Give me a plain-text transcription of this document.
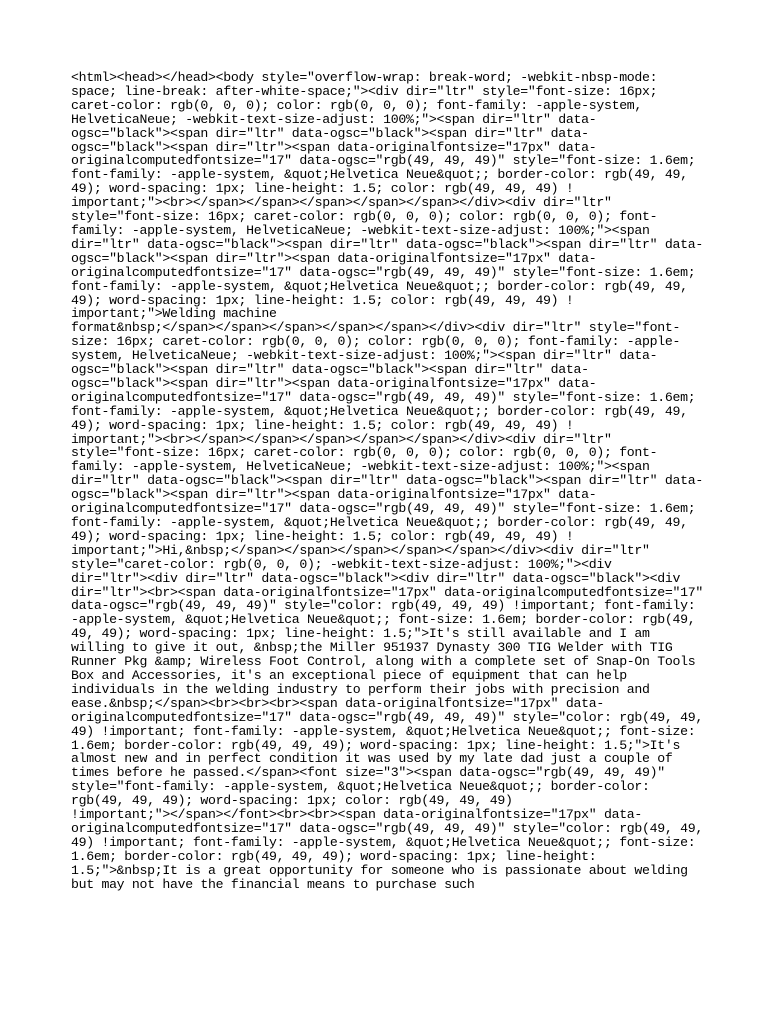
<html><head></head><body style="overflow-wrap: break-word; -webkit-nbsp-mode:
space; line-break: after-white-space;"><div dir="ltr" style="font-size: 16px;
caret-color: rgb(0, 0, 0); color: rgb(0, 0, 0); font-family: -apple-system,
HelveticaNeue; -webkit-text-size-adjust: 100%;"><span dir="ltr" data-
ogsc="black"><span dir="ltr" data-ogsc="black"><span dir="ltr" data-
ogsc="black"><span dir="ltr"><span data-originalfontsize="17px" data-
originalcomputedfontsize="17" data-ogsc="rgb(49, 49, 49)" style="font-size: 1.6em;
font-family: -apple-system, &quot;Helvetica Neue&quot;; border-color: rgb(49, 49,
49); word-spacing: 1px; line-height: 1.5; color: rgb(49, 49, 49) !
important;"><br></span></span></span></span></span></div><div dir="ltr"
style="font-size: 16px; caret-color: rgb(0, 0, 0); color: rgb(0, 0, 0); font-
family: -apple-system, HelveticaNeue; -webkit-text-size-adjust: 100%;"><span
dir="ltr" data-ogsc="black"><span dir="ltr" data-ogsc="black"><span dir="ltr" data-
ogsc="black"><span dir="ltr"><span data-originalfontsize="17px" data-
originalcomputedfontsize="17" data-ogsc="rgb(49, 49, 49)" style="font-size: 1.6em;
font-family: -apple-system, &quot;Helvetica Neue&quot;; border-color: rgb(49, 49,
49); word-spacing: 1px; line-height: 1.5; color: rgb(49, 49, 49) !
important;">Welding machine
format&nbsp;</span></span></span></span></span></div><div dir="ltr" style="font-
size: 16px; caret-color: rgb(0, 0, 0); color: rgb(0, 0, 0); font-family: -apple-
system, HelveticaNeue; -webkit-text-size-adjust: 100%;"><span dir="ltr" data-
ogsc="black"><span dir="ltr" data-ogsc="black"><span dir="ltr" data-
ogsc="black"><span dir="ltr"><span data-originalfontsize="17px" data-
originalcomputedfontsize="17" data-ogsc="rgb(49, 49, 49)" style="font-size: 1.6em;
font-family: -apple-system, &quot;Helvetica Neue&quot;; border-color: rgb(49, 49,
49); word-spacing: 1px; line-height: 1.5; color: rgb(49, 49, 49) !
important;"><br></span></span></span></span></span></div><div dir="ltr"
style="font-size: 16px; caret-color: rgb(0, 0, 0); color: rgb(0, 0, 0); font-
family: -apple-system, HelveticaNeue; -webkit-text-size-adjust: 100%;"><span
dir="ltr" data-ogsc="black"><span dir="ltr" data-ogsc="black"><span dir="ltr" data-
ogsc="black"><span dir="ltr"><span data-originalfontsize="17px" data-
originalcomputedfontsize="17" data-ogsc="rgb(49, 49, 49)" style="font-size: 1.6em;
font-family: -apple-system, &quot;Helvetica Neue&quot;; border-color: rgb(49, 49,
49); word-spacing: 1px; line-height: 1.5; color: rgb(49, 49, 49) !
important;">Hi,&nbsp;</span></span></span></span></span></div><div dir="ltr"
style="caret-color: rgb(0, 0, 0); -webkit-text-size-adjust: 100%;"><div
dir="ltr"><div dir="ltr" data-ogsc="black"><div dir="ltr" data-ogsc="black"><div
dir="ltr"><br><span data-originalfontsize="17px" data-originalcomputedfontsize="17"
data-ogsc="rgb(49, 49, 49)" style="color: rgb(49, 49, 49) !important; font-family:
-apple-system, &quot;Helvetica Neue&quot;; font-size: 1.6em; border-color: rgb(49,
49, 49); word-spacing: 1px; line-height: 1.5;">It's still available and I am
willing to give it out, &nbsp;the Miller 951937 Dynasty 300 TIG Welder with TIG
Runner Pkg &amp; Wireless Foot Control, along with a complete set of Snap-On Tools
Box and Accessories, it's an exceptional piece of equipment that can help
individuals in the welding industry to perform their jobs with precision and
ease.&nbsp;</span><br><br><br><span data-originalfontsize="17px" data-
originalcomputedfontsize="17" data-ogsc="rgb(49, 49, 49)" style="color: rgb(49, 49,
49) !important; font-family: -apple-system, &quot;Helvetica Neue&quot;; font-size:
1.6em; border-color: rgb(49, 49, 49); word-spacing: 1px; line-height: 1.5;">It's
almost new and in perfect condition it was used by my late dad just a couple of
times before he passed.</span><font size="3"><span data-ogsc="rgb(49, 49, 49)"
style="font-family: -apple-system, &quot;Helvetica Neue&quot;; border-color:
rgb(49, 49, 49); word-spacing: 1px; color: rgb(49, 49, 49)
!important;"></span></font><br><br><span data-originalfontsize="17px" data-
originalcomputedfontsize="17" data-ogsc="rgb(49, 49, 49)" style="color: rgb(49, 49,
49) !important; font-family: -apple-system, &quot;Helvetica Neue&quot;; font-size:
1.6em; border-color: rgb(49, 49, 49); word-spacing: 1px; line-height:
1.5;">&nbsp;It is a great opportunity for someone who is passionate about welding
but may not have the financial means to purchase such
